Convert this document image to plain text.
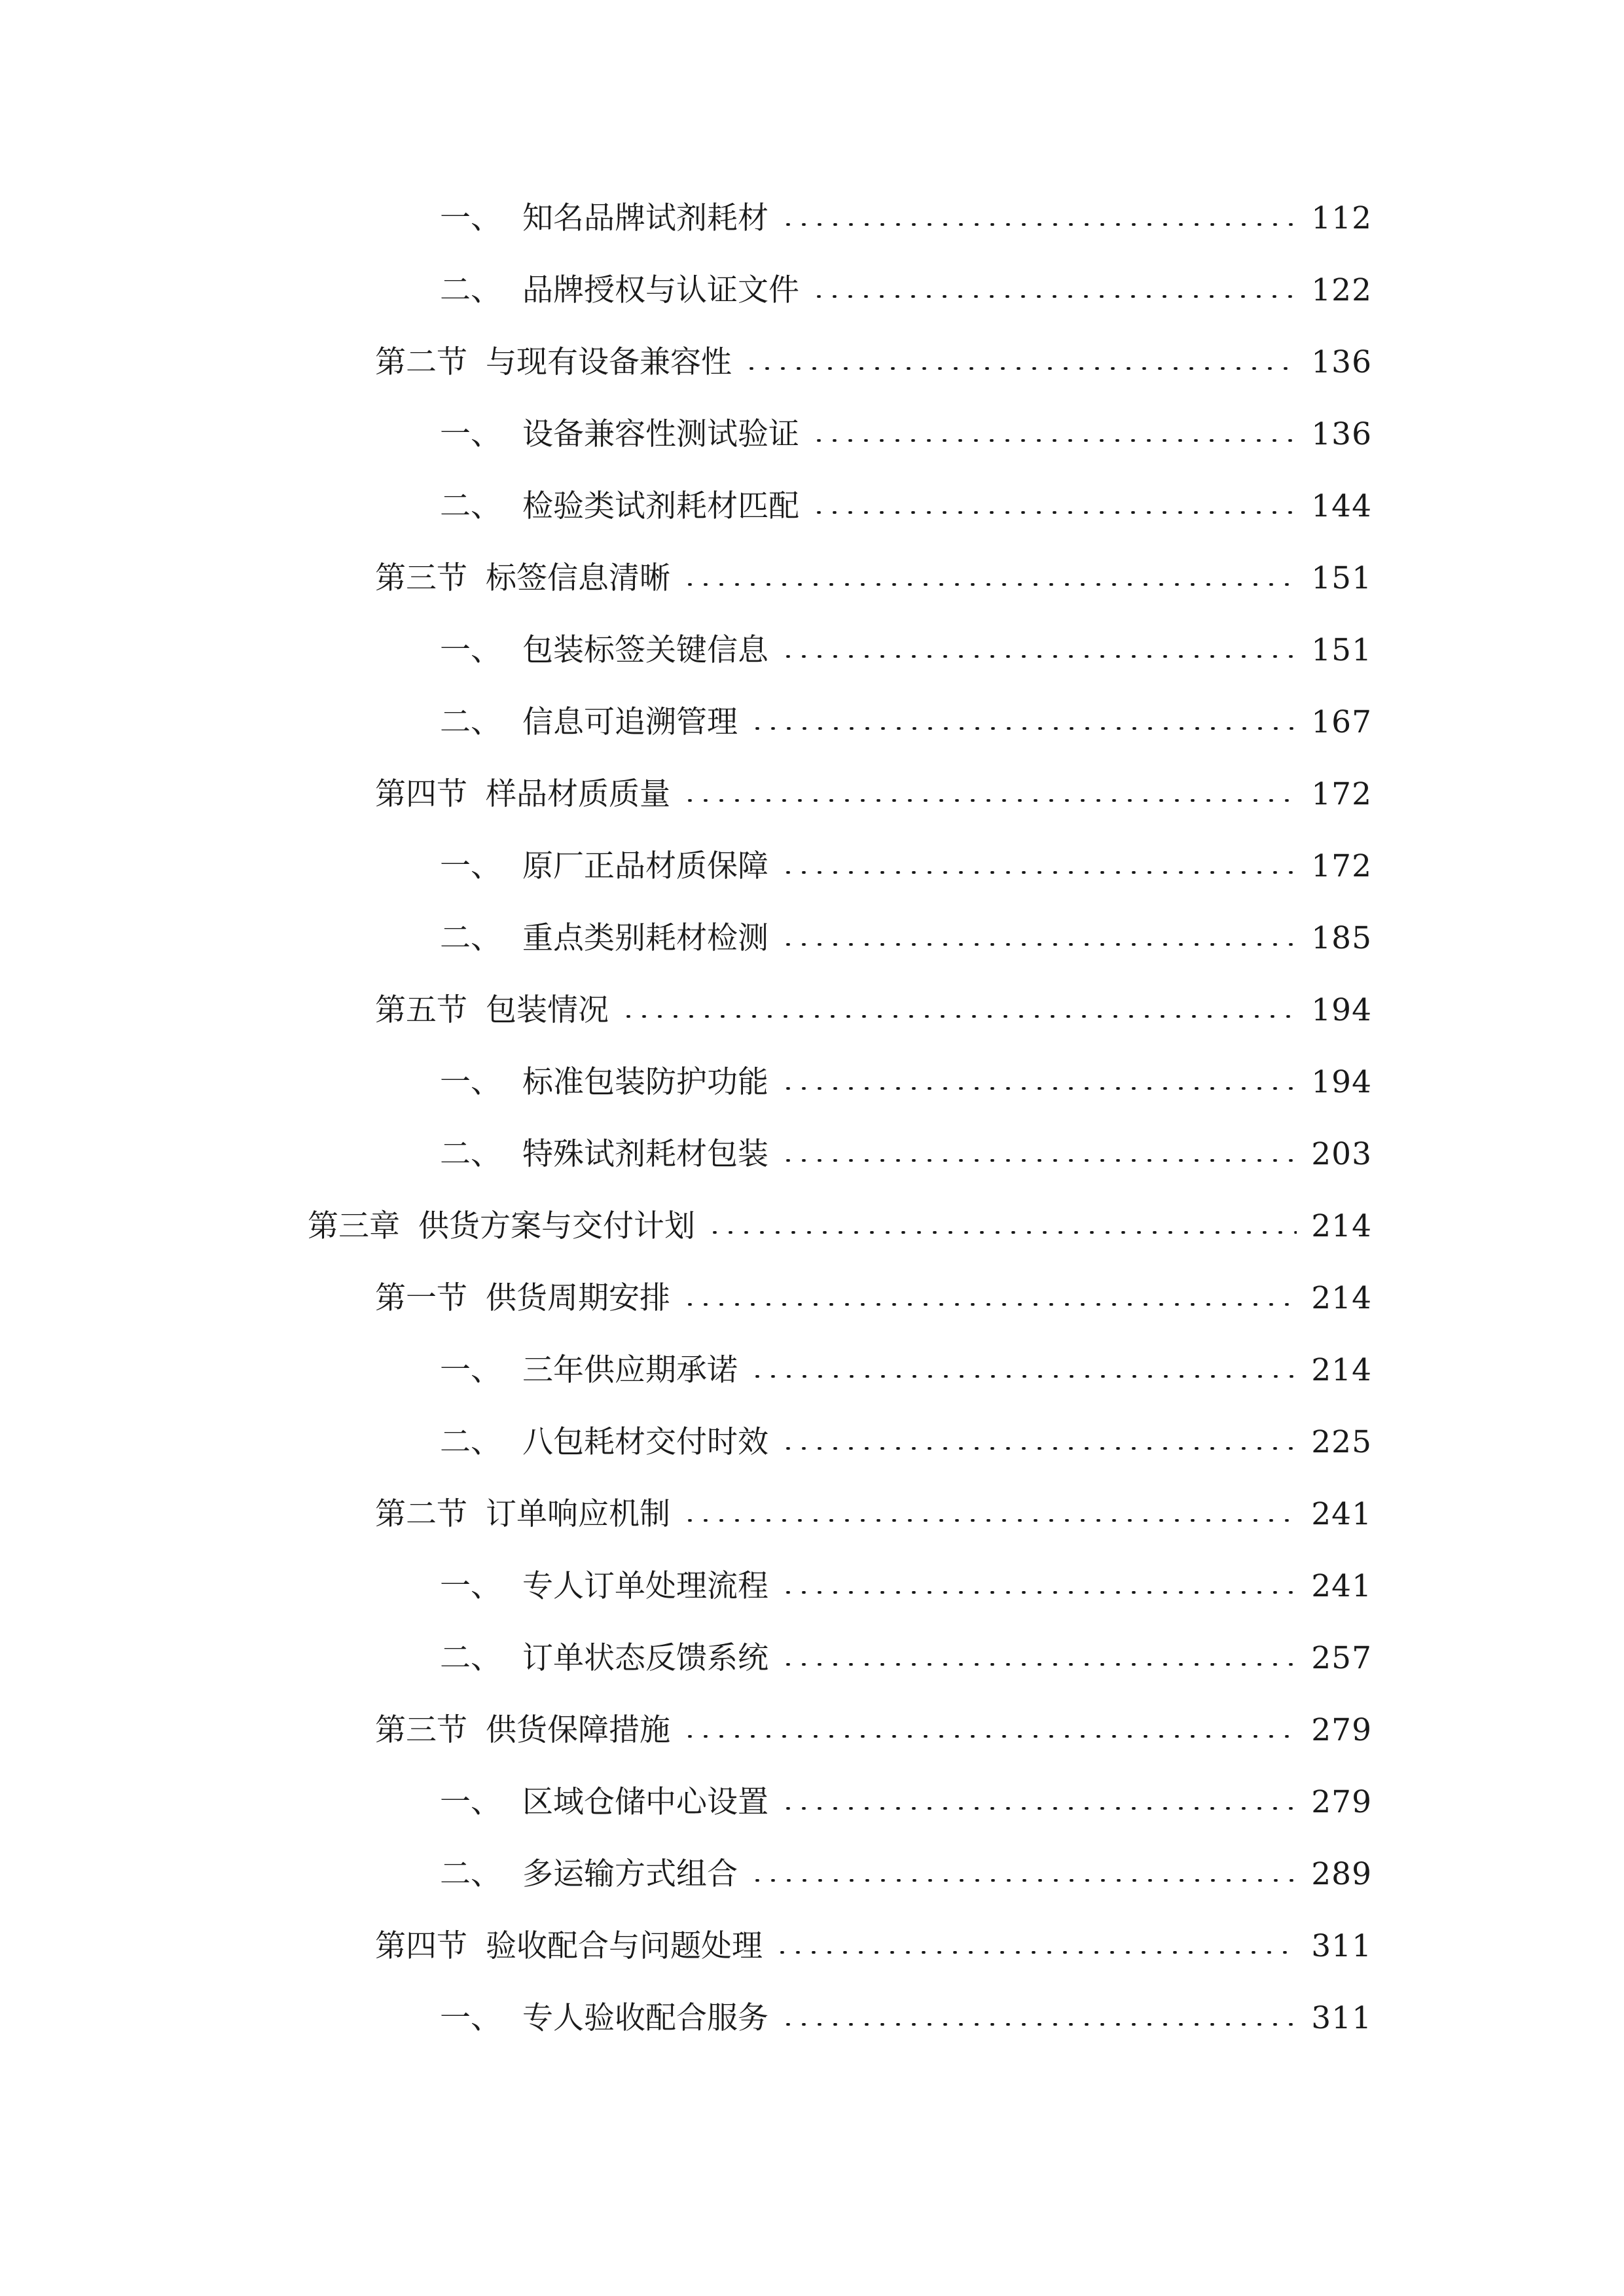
一、 知名品牌试剂耗材	112
二、 品牌授权与认证文件	122
第二节 与现有设备兼容性	136
一、 设备兼容性测试验证	136
二、 检验类试剂耗材匹配	144
第三节 标签信息清晰	151
一、 包装标签关键信息	151
二、 信息可追溯管理	167
第四节 样品材质质量	172
一、 原厂正品材质保障	172
二、 重点类别耗材检测	185
第五节 包装情况	194
一、 标准包装防护功能	194
二、 特殊试剂耗材包装	203
第三章 供货方案与交付计划	214
第一节 供货周期安排	214
一、 三年供应期承诺	214
二、 八包耗材交付时效	225
第二节 订单响应机制	241
一、 专人订单处理流程	241
二、 订单状态反馈系统	257
第三节 供货保障措施	279
一、 区域仓储中心设置	279
二、 多运输方式组合	289
第四节 验收配合与问题处理	311
一、 专人验收配合服务	311
